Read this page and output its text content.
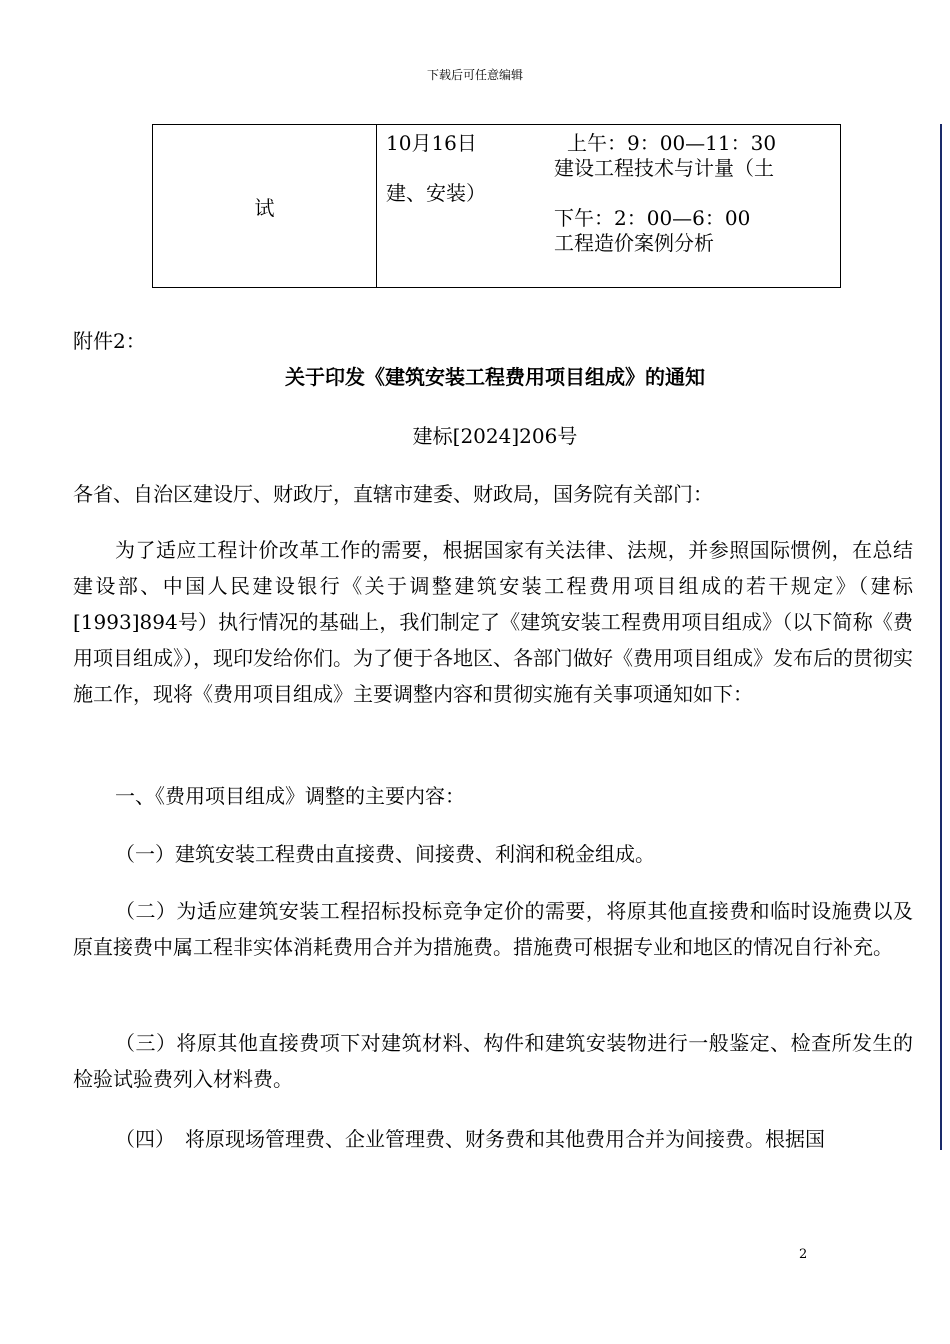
下载后可任意编辑
试	
10月16日	上午：9：00—11：30
建设工程技术与计量（土
建、安装）
下午：2：00—6：00
工程造价案例分析
附件2：
关于印发《建筑安装工程费用项目组成》的通知
建标[2024]206号
各省、自治区建设厅、财政厅，直辖市建委、财政局，国务院有关部门：
为了适应工程计价改革工作的需要，根据国家有关法律、法规，并参照国际惯例，在总结建设部、中国人民建设银行《关于调整建筑安装工程费用项目组成的若干规定》（建标[1993]894号）执行情况的基础上，我们制定了《建筑安装工程费用项目组成》（以下简称《费用项目组成》），现印发给你们。为了便于各地区、各部门做好《费用项目组成》发布后的贯彻实施工作，现将《费用项目组成》主要调整内容和贯彻实施有关事项通知如下：
一、《费用项目组成》调整的主要内容：
（一）建筑安装工程费由直接费、间接费、利润和税金组成。
（二）为适应建筑安装工程招标投标竞争定价的需要，将原其他直接费和临时设施费以及原直接费中属工程非实体消耗费用合并为措施费。措施费可根据专业和地区的情况自行补充。
（三）将原其他直接费项下对建筑材料、构件和建筑安装物进行一般鉴定、检查所发生的检验试验费列入材料费。
（四）　将原现场管理费、企业管理费、财务费和其他费用合并为间接费。根据国
2
